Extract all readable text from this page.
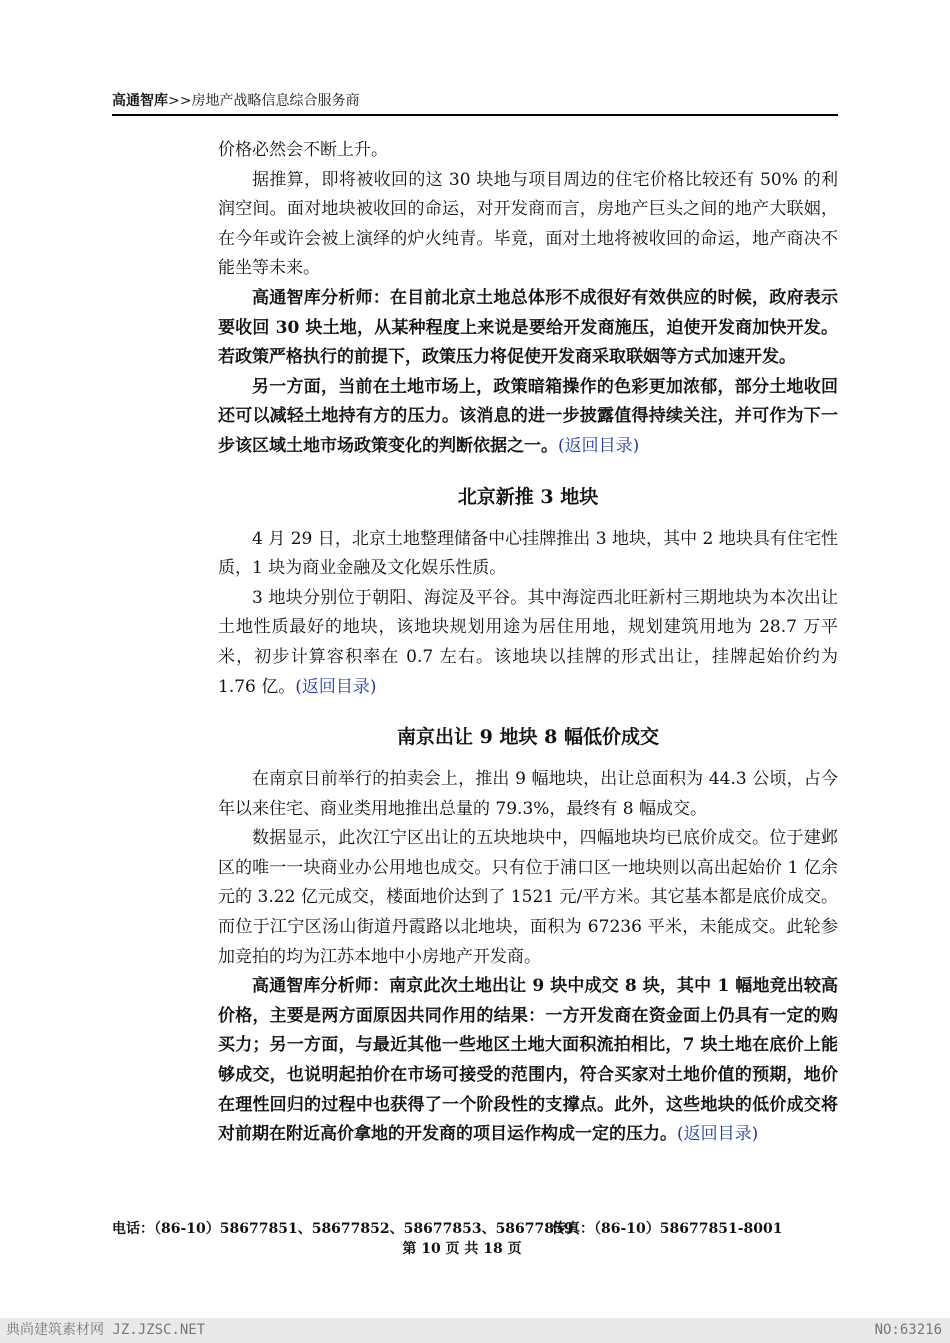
高通智库>>房地产战略信息综合服务商

价格必然会不断上升。

据推算，即将被收回的这 30 块地与项目周边的住宅价格比较还有 50% 的利润空间。面对地块被收回的命运，对开发商而言，房地产巨头之间的地产大联姻，在今年或许会被上演绎的炉火纯青。毕竟，面对土地将被收回的命运，地产商决不能坐等未来。

高通智库分析师：在目前北京土地总体形不成很好有效供应的时候，政府表示要收回 30 块土地，从某种程度上来说是要给开发商施压，迫使开发商加快开发。若政策严格执行的前提下，政策压力将促使开发商采取联姻等方式加速开发。

另一方面，当前在土地市场上，政策暗箱操作的色彩更加浓郁，部分土地收回还可以减轻土地持有方的压力。该消息的进一步披露值得持续关注，并可作为下一步该区域土地市场政策变化的判断依据之一。(返回目录)

北京新推 3 地块

4 月 29 日，北京土地整理储备中心挂牌推出 3 地块，其中 2 地块具有住宅性质，1 块为商业金融及文化娱乐性质。

3 地块分别位于朝阳、海淀及平谷。其中海淀西北旺新村三期地块为本次出让土地性质最好的地块，该地块规划用途为居住用地，规划建筑用地为 28.7 万平米，初步计算容积率在 0.7 左右。该地块以挂牌的形式出让，挂牌起始价约为 1.76 亿。(返回目录)

南京出让 9 地块 8 幅低价成交

在南京日前举行的拍卖会上，推出 9 幅地块，出让总面积为 44.3 公顷，占今年以来住宅、商业类用地推出总量的 79.3%，最终有 8 幅成交。

数据显示，此次江宁区出让的五块地块中，四幅地块均已底价成交。位于建邺区的唯一一块商业办公用地也成交。只有位于浦口区一地块则以高出起始价 1 亿余元的 3.22 亿元成交，楼面地价达到了 1521 元/平方米。其它基本都是底价成交。而位于江宁区汤山街道丹霞路以北地块，面积为 67236 平米，未能成交。此轮参加竞拍的均为江苏本地中小房地产开发商。

高通智库分析师：南京此次土地出让 9 块中成交 8 块，其中 1 幅地竞出较高价格，主要是两方面原因共同作用的结果：一方开发商在资金面上仍具有一定的购买力；另一方面，与最近其他一些地区土地大面积流拍相比，7 块土地在底价上能够成交，也说明起拍价在市场可接受的范围内，符合买家对土地价值的预期，地价在理性回归的过程中也获得了一个阶段性的支撑点。此外，这些地块的低价成交将对前期在附近高价拿地的开发商的项目运作构成一定的压力。(返回目录)

电话：（86-10）58677851、58677852、58677853、58677859
传真：（86-10）58677851-8001
第 10 页 共 18 页
典尚建筑素材网 JZ.JZSC.NET	NO:63216
